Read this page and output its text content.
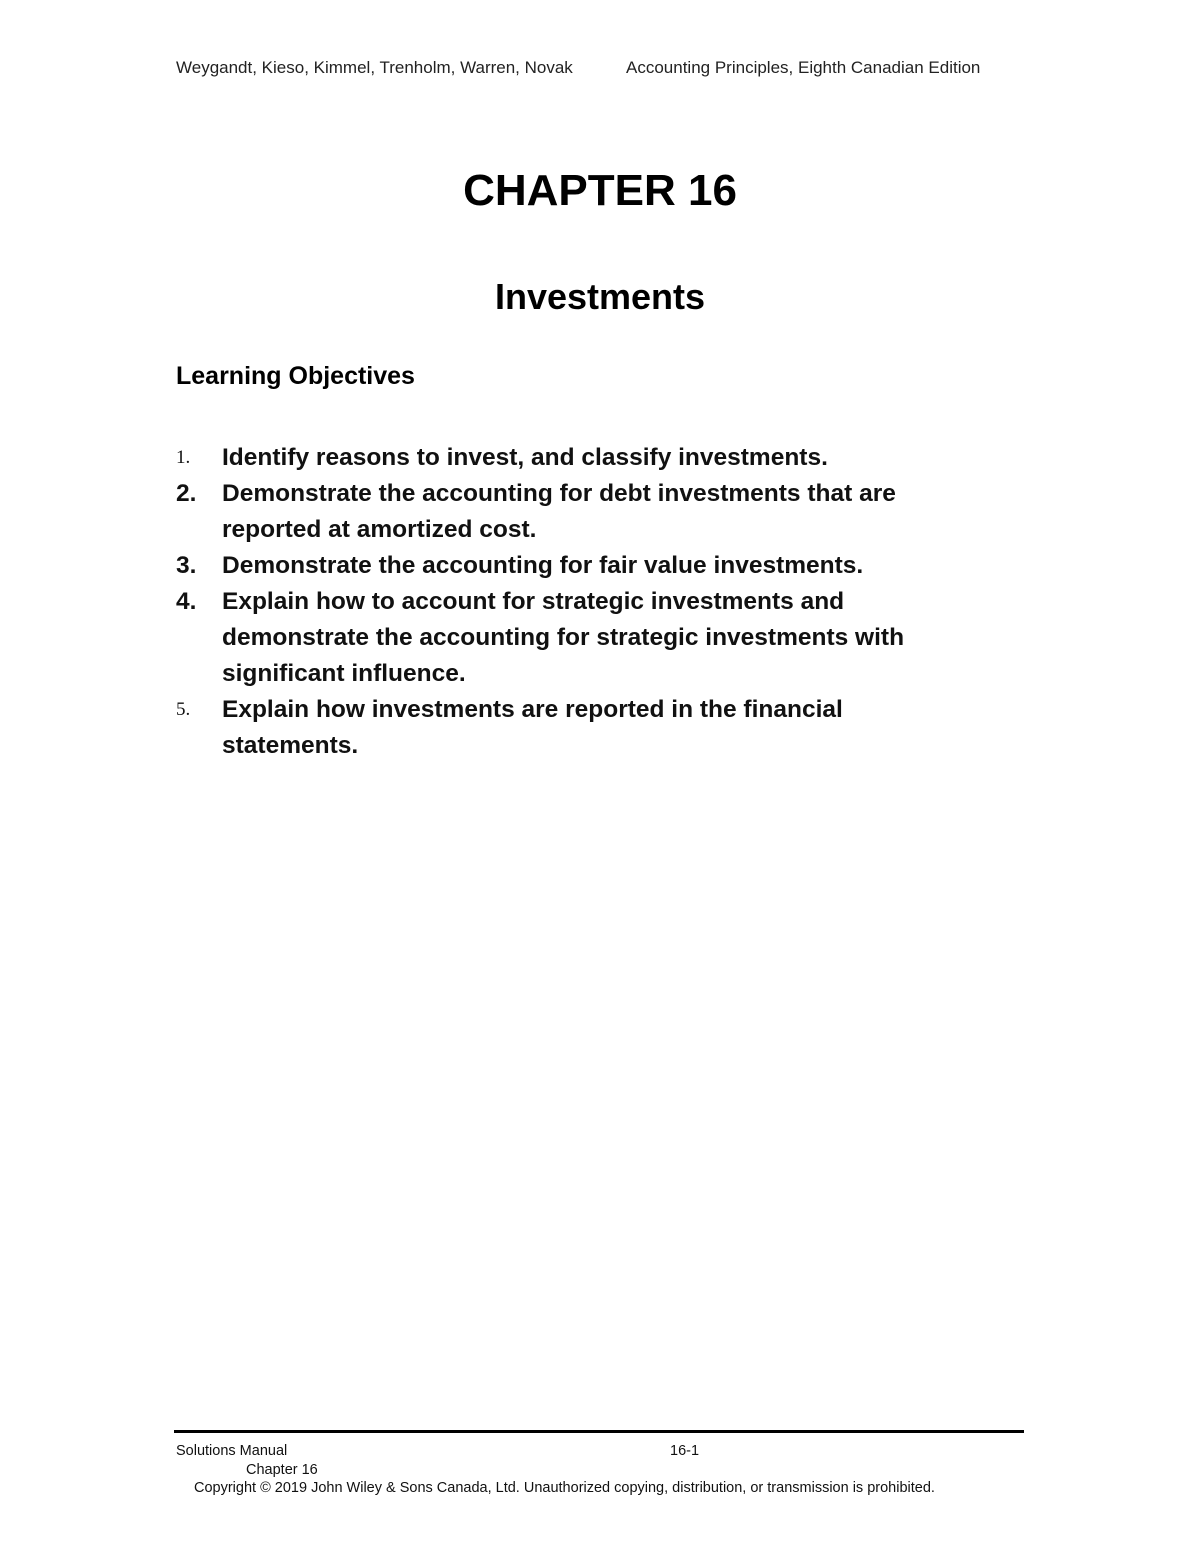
Weygandt, Kieso, Kimmel, Trenholm, Warren, Novak	Accounting Principles, Eighth Canadian Edition
CHAPTER 16
Investments
Learning Objectives
1.	Identify reasons to invest, and classify investments.
2.	Demonstrate the accounting for debt investments that are reported at amortized cost.
3.	Demonstrate the accounting for fair value investments.
4.	Explain how to account for strategic investments and demonstrate the accounting for strategic investments with significant influence.
5.	Explain how investments are reported in the financial statements.
Solutions Manual	16-1
Chapter 16
Copyright © 2019 John Wiley & Sons Canada, Ltd. Unauthorized copying, distribution, or transmission is prohibited.
